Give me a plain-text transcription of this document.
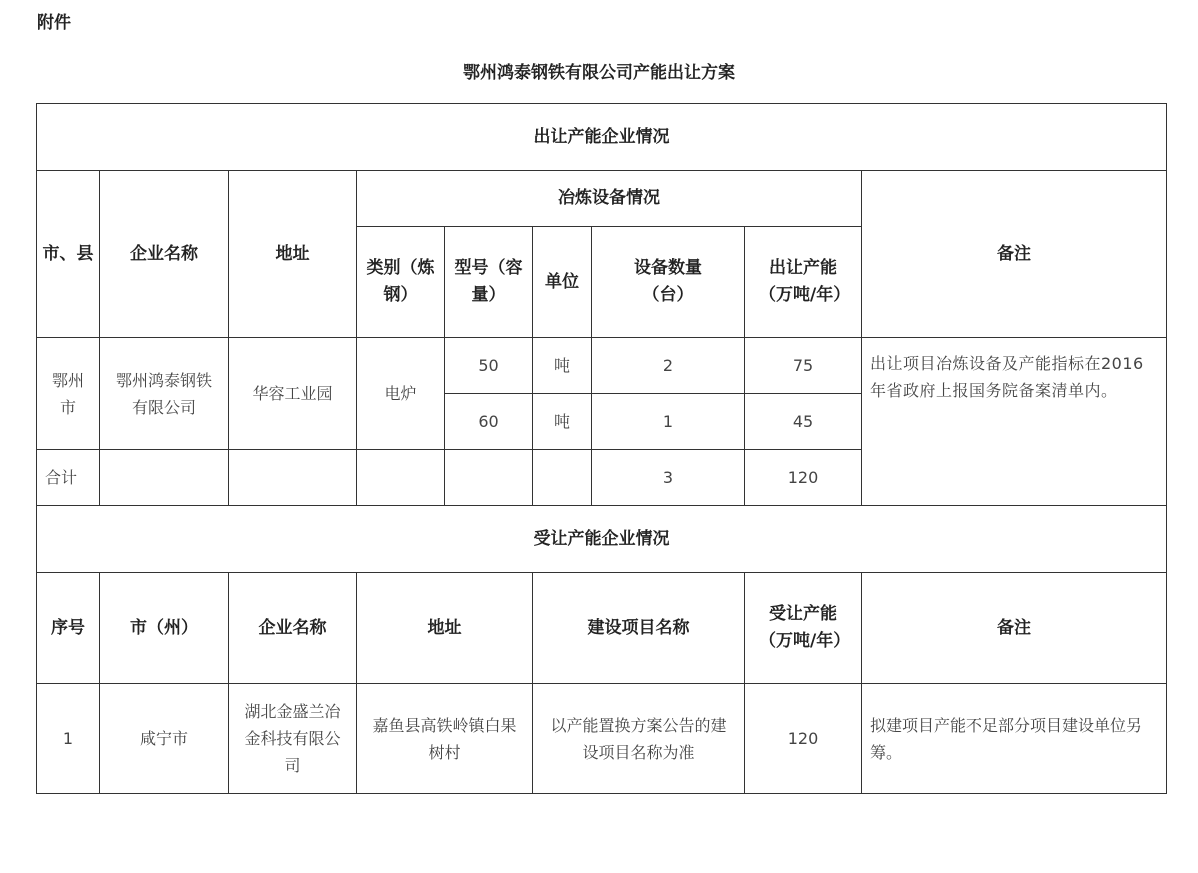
附件
鄂州鸿泰钢铁有限公司产能出让方案
出让产能企业情况								
市、县	企业名称	地址	冶炼设备情况					备注
			类别（炼钢）	型号（容量）	单位	设备数量（台）	出让产能（万吨/年）	
鄂州市	鄂州鸿泰钢铁有限公司	华容工业园	电炉	50	吨	2	75	出让项目冶炼设备及产能指标在2016 年省政府上报国务院备案清单内。
				60	吨	1	45	
合计						3	120	
受让产能企业情况								
序号	市（州）	企业名称	地址		建设项目名称		受让产能（万吨/年）	备注
1	咸宁市	湖北金盛兰冶金科技有限公司	嘉鱼县高铁岭镇白果树村		以产能置换方案公告的建设项目名称为准		120	拟建项目产能不足部分项目建设单位另筹。
